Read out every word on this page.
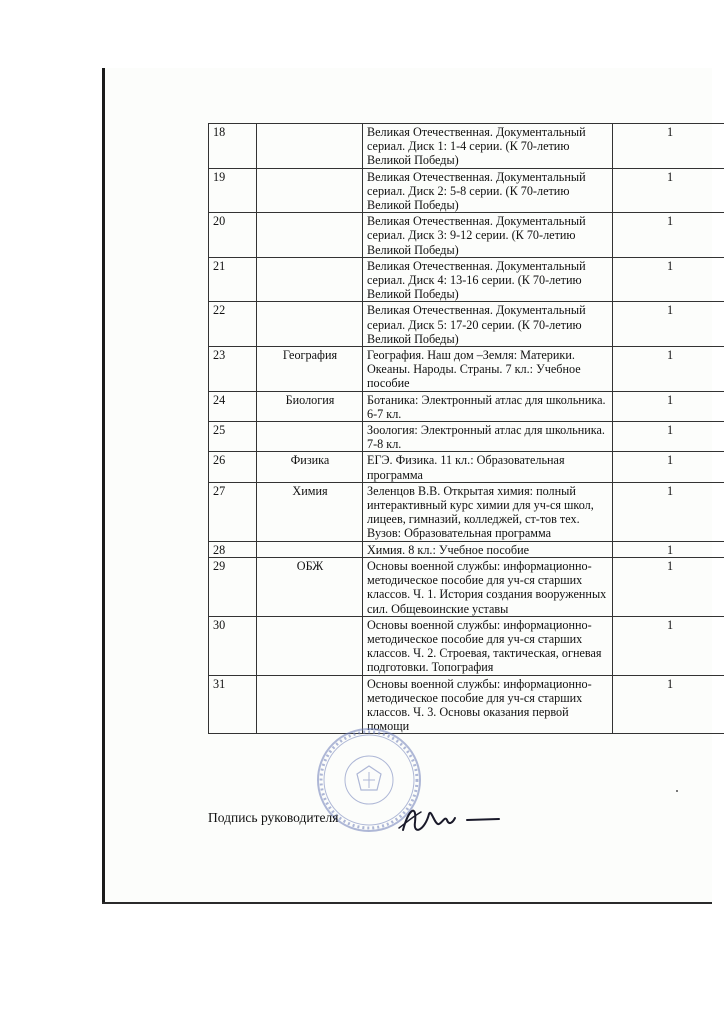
18		Великая Отечественная. Документальный сериал. Диск 1: 1-4 серии. (К 70-летию Великой Победы)	1
19		Великая Отечественная. Документальный сериал. Диск 2: 5-8 серии. (К 70-летию Великой Победы)	1
20		Великая Отечественная. Документальный сериал. Диск 3: 9-12 серии. (К 70-летию Великой Победы)	1
21		Великая Отечественная. Документальный сериал. Диск 4: 13-16 серии. (К 70-летию Великой Победы)	1
22		Великая Отечественная. Документальный сериал. Диск 5: 17-20 серии. (К 70-летию Великой Победы)	1
23	География	География. Наш дом –Земля: Материки. Океаны. Народы. Страны. 7 кл.: Учебное пособие	1
24	Биология	Ботаника: Электронный атлас для школьника. 6-7 кл.	1
25		Зоология: Электронный атлас для школьника. 7-8 кл.	1
26	Физика	ЕГЭ. Физика. 11 кл.: Образовательная программа	1
27	Химия	Зеленцов В.В. Открытая химия: полный интерактивный курс химии для уч-ся школ, лицеев, гимназий, колледжей, ст-тов тех. Вузов: Образовательная программа	1
28		Химия. 8 кл.: Учебное пособие	1
29	ОБЖ	Основы военной службы: информационно-методическое пособие для уч-ся старших классов. Ч. 1. История создания вооруженных сил. Общевоинские уставы	1
30		Основы военной службы: информационно-методическое пособие для уч-ся старших классов. Ч. 2. Строевая, тактическая, огневая подготовки. Топография	1
31		Основы военной службы: информационно-методическое пособие для уч-ся старших классов. Ч. 3. Основы оказания первой помощи	1
Подпись руководителя
